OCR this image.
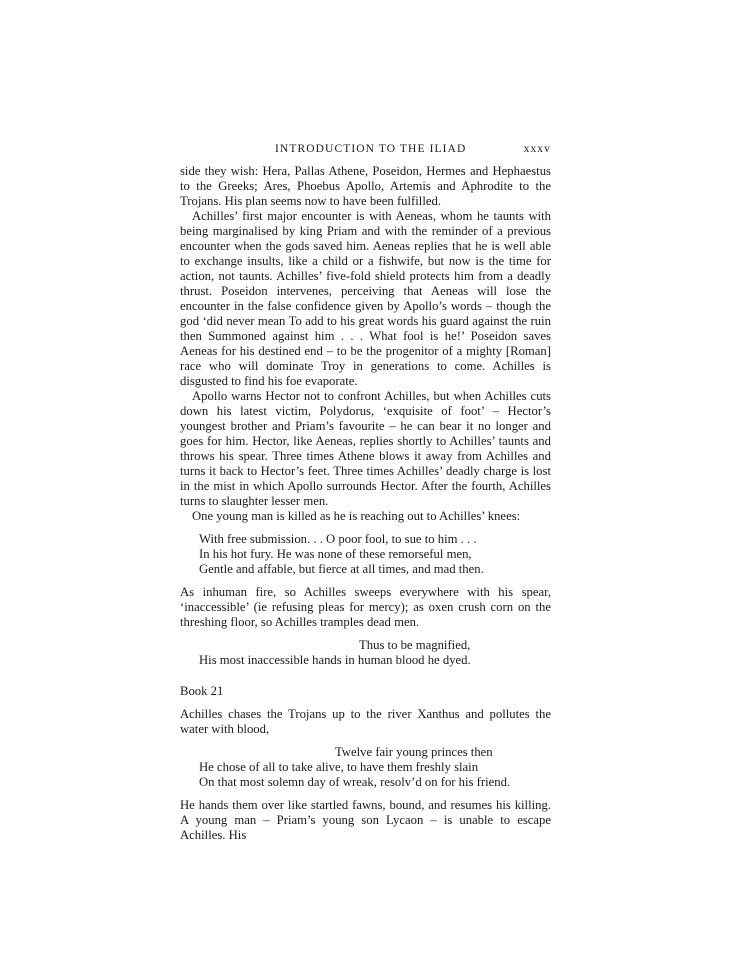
INTRODUCTION TO THE ILIAD	xxxv

side they wish: Hera, Pallas Athene, Poseidon, Hermes and Hephaestus to the Greeks; Ares, Phoebus Apollo, Artemis and Aphrodite to the Trojans. His plan seems now to have been fulfilled.

Achilles’ first major encounter is with Aeneas, whom he taunts with being marginalised by king Priam and with the reminder of a previous encounter when the gods saved him. Aeneas replies that he is well able to exchange insults, like a child or a fishwife, but now is the time for action, not taunts. Achilles’ five-fold shield protects him from a deadly thrust. Poseidon intervenes, perceiving that Aeneas will lose the encounter in the false confidence given by Apollo’s words – though the god ‘did never mean To add to his great words his guard against the ruin then Summoned against him . . . What fool is he!’ Poseidon saves Aeneas for his destined end – to be the progenitor of a mighty [Roman] race who will dominate Troy in generations to come. Achilles is disgusted to find his foe evaporate.

Apollo warns Hector not to confront Achilles, but when Achilles cuts down his latest victim, Polydorus, ‘exquisite of foot’ – Hector’s youngest brother and Priam’s favourite – he can bear it no longer and goes for him. Hector, like Aeneas, replies shortly to Achilles’ taunts and throws his spear. Three times Athene blows it away from Achilles and turns it back to Hector’s feet. Three times Achilles’ deadly charge is lost in the mist in which Apollo surrounds Hector. After the fourth, Achilles turns to slaughter lesser men.

One young man is killed as he is reaching out to Achilles’ knees:

With free submission. . . O poor fool, to sue to him . . .
In his hot fury. He was none of these remorseful men,
Gentle and affable, but fierce at all times, and mad then.

As inhuman fire, so Achilles sweeps everywhere with his spear, ‘inaccessible’ (ie refusing pleas for mercy); as oxen crush corn on the threshing floor, so Achilles tramples dead men.

Thus to be magnified,
His most inaccessible hands in human blood he dyed.
Book 21

Achilles chases the Trojans up to the river Xanthus and pollutes the water with blood,

Twelve fair young princes then
He chose of all to take alive, to have them freshly slain
On that most solemn day of wreak, resolv’d on for his friend.

He hands them over like startled fawns, bound, and resumes his killing. A young man – Priam’s young son Lycaon – is unable to escape Achilles. His
